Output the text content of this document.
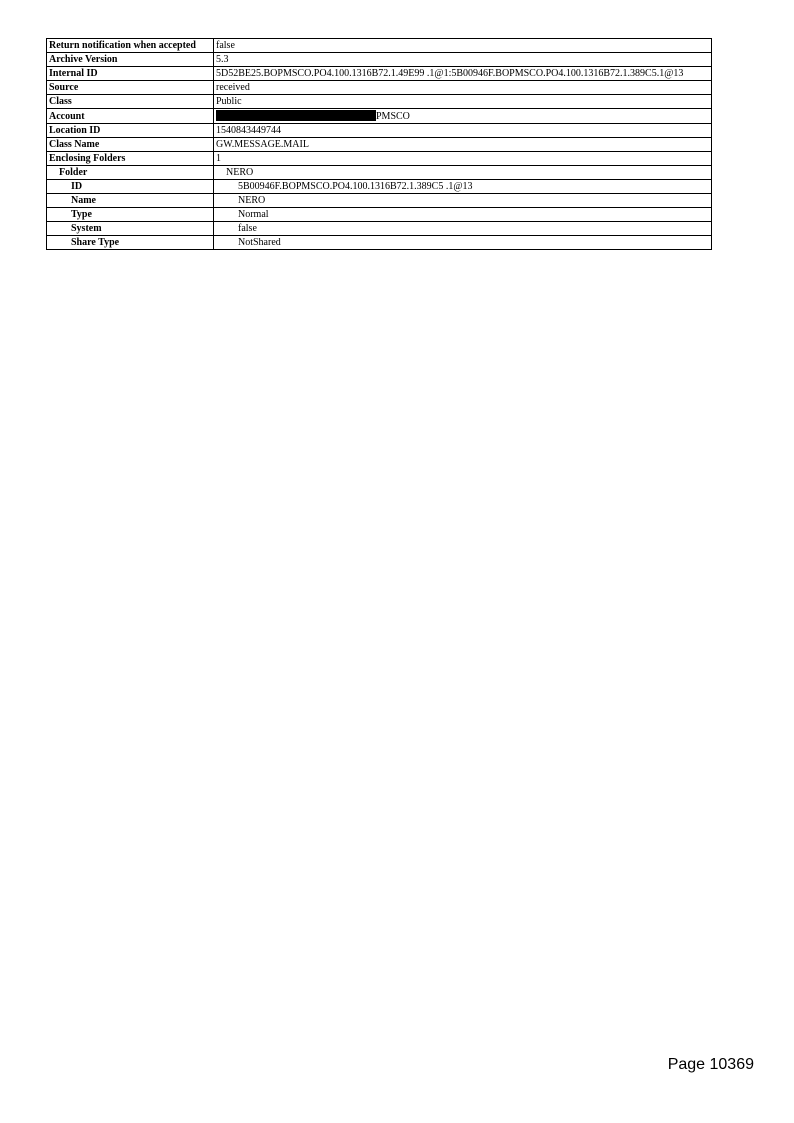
Return notification when accepted	false
Archive Version	5.3
Internal ID	5D52BE25.BOPMSCO.PO4.100.1316B72.1.49E99 .1@1:5B00946F.BOPMSCO.PO4.100.1316B72.1.389C5.1@13
Source	received
Class	Public
Account	PMSCO
Location ID	1540843449744
Class Name	GW.MESSAGE.MAIL
Enclosing Folders	1
Folder	NERO
ID	5B00946F.BOPMSCO.PO4.100.1316B72.1.389C5 .1@13
Name	NERO
Type	Normal
System	false
Share Type	NotShared
Page 10369
